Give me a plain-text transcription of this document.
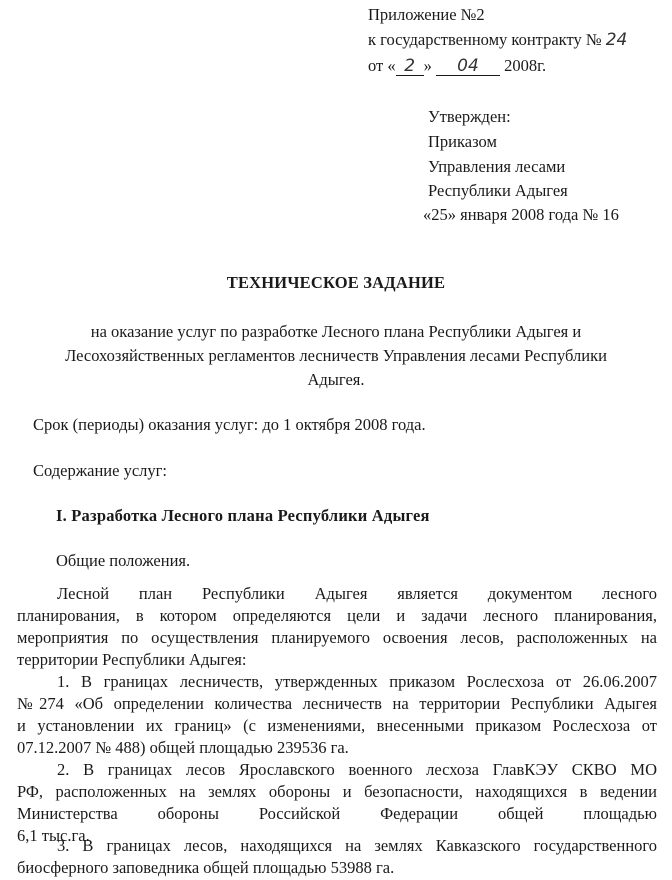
Приложение №2
к государственному контракту № 24
от « 2 » 04 2008г.
Утвержден:
Приказом
Управления лесами
Республики Адыгея
«25» января 2008 года № 16
ТЕХНИЧЕСКОЕ ЗАДАНИЕ
на оказание услуг по разработке Лесного плана Республики Адыгея и
Лесохозяйственных регламентов лесничеств Управления лесами Республики
Адыгея.
Срок (периоды) оказания услуг: до 1 октября 2008 года.
Содержание услуг:
I. Разработка Лесного плана Республики Адыгея
Общие положения.
Лесной план Республики Адыгея является документом лесного
планирования, в котором определяются цели и задачи лесного планирования,
мероприятия по осуществления планируемого освоения лесов, расположенных на
территории Республики Адыгея:
1. В границах лесничеств, утвержденных приказом Рослесхоза от 26.06.2007
№274 «Об определении количества лесничеств на территории Республики Адыгея
и установлении их границ» (с изменениями, внесенными приказом Рослесхоза от
07.12.2007 № 488) общей площадью 239536 га.
2. В границах лесов Ярославского военного лесхоза ГлавКЭУ СКВО МО
РФ, расположенных на землях обороны и безопасности, находящихся в ведении
Министерства обороны Российской Федерации общей площадью
6,1 тыс.га.
3. В границах лесов, находящихся на землях Кавказского государственного
биосферного заповедника общей площадью 53988 га.
